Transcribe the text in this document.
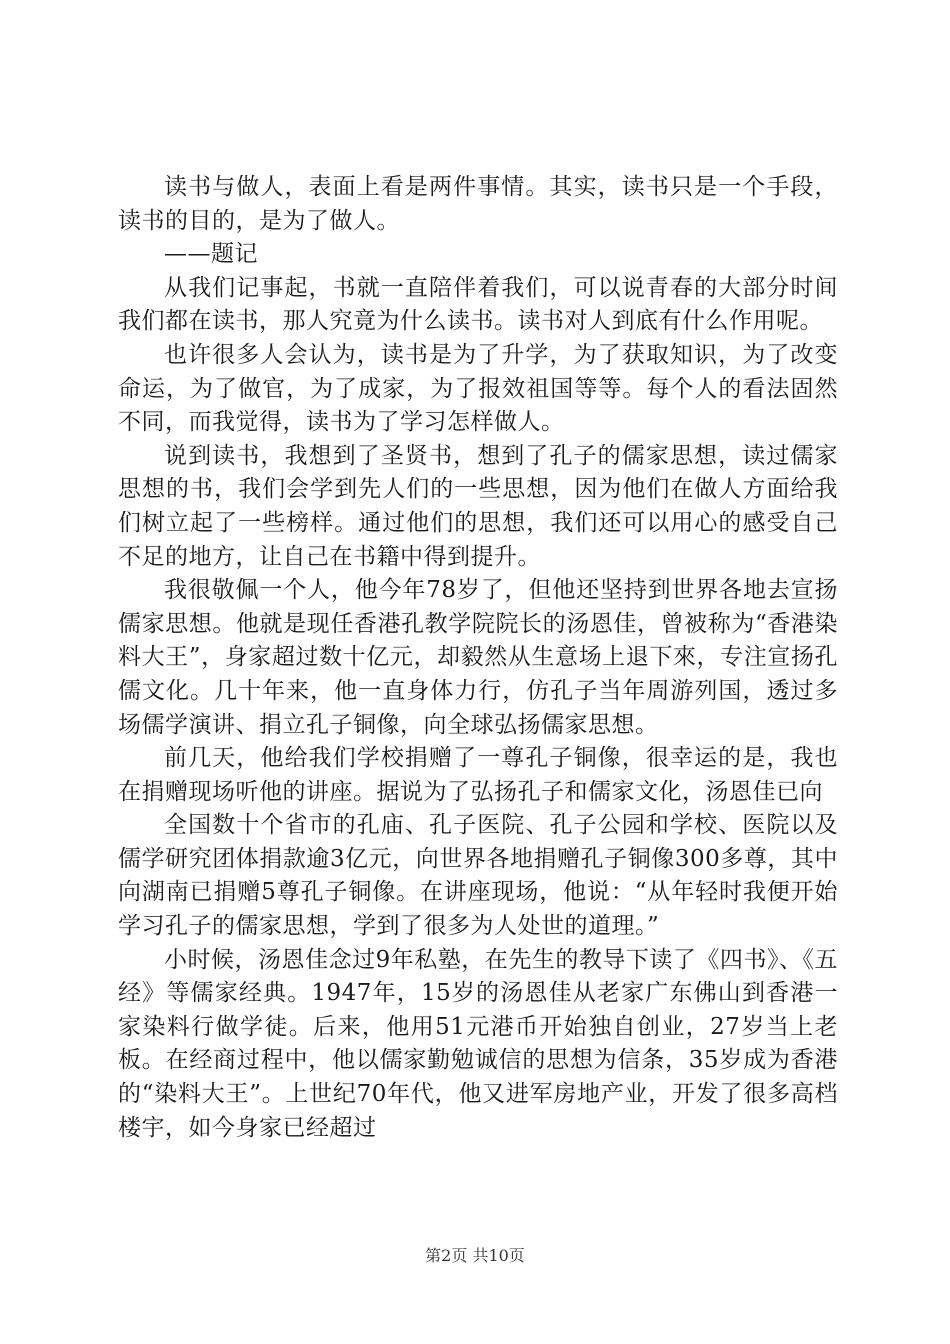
读书与做人，表面上看是两件事情。其实，读书只是一个手段，读书的目的，是为了做人。

——题记

从我们记事起，书就一直陪伴着我们，可以说青春的大部分时间我们都在读书，那人究竟为什么读书。读书对人到底有什么作用呢。

也许很多人会认为，读书是为了升学，为了获取知识，为了改变命运，为了做官，为了成家，为了报效祖国等等。每个人的看法固然不同，而我觉得，读书为了学习怎样做人。

说到读书，我想到了圣贤书，想到了孔子的儒家思想，读过儒家思想的书，我们会学到先人们的一些思想，因为他们在做人方面给我们树立起了一些榜样。通过他们的思想，我们还可以用心的感受自己不足的地方，让自己在书籍中得到提升。

我很敬佩一个人，他今年78岁了，但他还坚持到世界各地去宣扬儒家思想。他就是现任香港孔教学院院长的汤恩佳，曾被称为“香港染料大王”，身家超过数十亿元，却毅然从生意场上退下來，专注宣扬孔儒文化。几十年来，他一直身体力行，仿孔子当年周游列国，透过多场儒学演讲、捐立孔子铜像，向全球弘扬儒家思想。

前几天，他给我们学校捐赠了一尊孔子铜像，很幸运的是，我也在捐赠现场听他的讲座。据说为了弘扬孔子和儒家文化，汤恩佳已向

全国数十个省市的孔庙、孔子医院、孔子公园和学校、医院以及儒学研究团体捐款逾3亿元，向世界各地捐赠孔子铜像300多尊，其中向湖南已捐赠5尊孔子铜像。在讲座现场，他说：“从年轻时我便开始学习孔子的儒家思想，学到了很多为人处世的道理。”

小时候，汤恩佳念过9年私塾，在先生的教导下读了《四书》、《五经》等儒家经典。1947年，15岁的汤恩佳从老家广东佛山到香港一家染料行做学徒。后来，他用51元港币开始独自创业，27岁当上老板。在经商过程中，他以儒家勤勉诚信的思想为信条，35岁成为香港的“染料大王”。上世纪70年代，他又进军房地产业，开发了很多高档楼宇，如今身家已经超过

第2页 共10页
